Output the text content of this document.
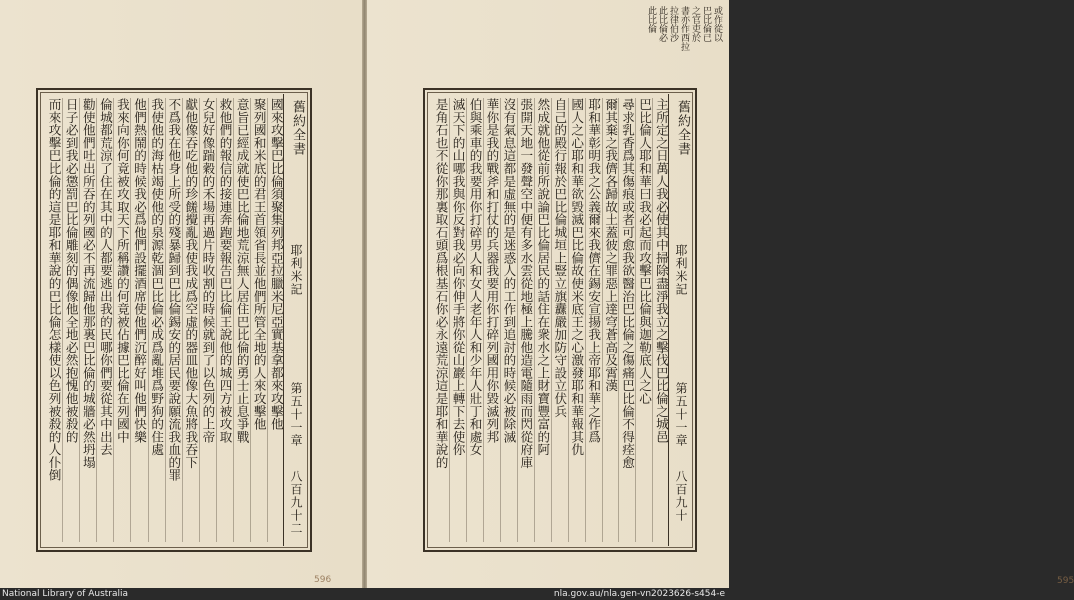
國來攻擊巴比倫須聚集列邦亞拉臘米尼亞實基拿都來攻擊他
聚列國和米底的君王首領省長並他們所管全地的人來攻擊他
意旨已經成就使巴比倫地荒涼無人居住巴比倫的勇士止息爭戰
救他們的報信的接連奔跑要報告巴比倫王說他的城四方被攻取
女兒好像踹穀的禾場再過片時收割的時候就到了以色列的上帝
獻他像吞吃他的珍饈攪亂我使我成爲空虛的器皿他像大魚將我吞下
不爲我在他身上所受的殘暴歸到巴比倫錫安的居民要說願流我血的罪
我使他的海枯竭使他的泉源乾涸巴比倫必成爲亂堆爲野狗的住處
他們熱鬧的時候我必爲他們設擺酒席使他們沉醉好叫他們快樂
我來向你何竟被攻取天下所稱讚的何竟被佔據巴比倫在列國中
倫城都荒涼了住在其中的人都要逃出我的民哪你們要從其中出去
勸使他們吐出所吞的列國必不再流歸他那裏巴比倫的城牆必然坍塌
日子必到我必懲罰巴比倫雕刻的偶像他全地必然抱愧他被殺的
而來攻擊巴比倫的這是耶和華說的巴比倫怎樣使以色列被殺的人仆倒	舊約全書
耶利米記
第五十一章
八百九十二
596
或作從以
巴比倫已
之官吏於
書亦作西拉
拉律伯沙
此比倫必
此比倫
主所定之日萬人我必使其中掃除盡淨我立之擊伐巴比倫之城邑
巴比倫人耶和華曰我必起而攻擊巴比倫與迦勒底人之心
尋求乳香爲其傷痕或者可愈我欲醫治巴比倫之傷痛巴比倫不得痊愈
爾其棄之我儕各歸故土蓋彼之罪惡上達穹蒼高及霄漢
耶和華彰明我之公義爾來我儕在錫安宣揚我上帝耶和華之作爲
國人之心耶和華欲毀滅巴比倫故使米底王之心激發耶和華報其仇
自己的殿行報於巴比倫城垣上豎立旗纛嚴加防守設立伏兵
然成就他從前所說論巴比倫居民的話住在衆水之上財寶豐富的阿
張開天地一發聲空中便有多水雲從地極上騰他造電隨雨而閃從府庫
沒有氣息這都是虛無的是迷惑人的工作到追討的時候必被除滅
華你是我的戰斧和打仗的兵器我要用你打碎列國用你毀滅列邦
伯與乘車的我要用你打碎男人和女人老年人和少年人壯丁和處女
滅天下的山哪我與你反對我必向你伸手將你從山巖上轉下去使你
是角石也不從你那裏取石頭爲根基石你必永遠荒涼這是耶和華說的	舊約全書
耶利米記
第五十一章
八百九十
595
National Library of Australia	nla.gov.au/nla.gen-vn2023626-s454-e
